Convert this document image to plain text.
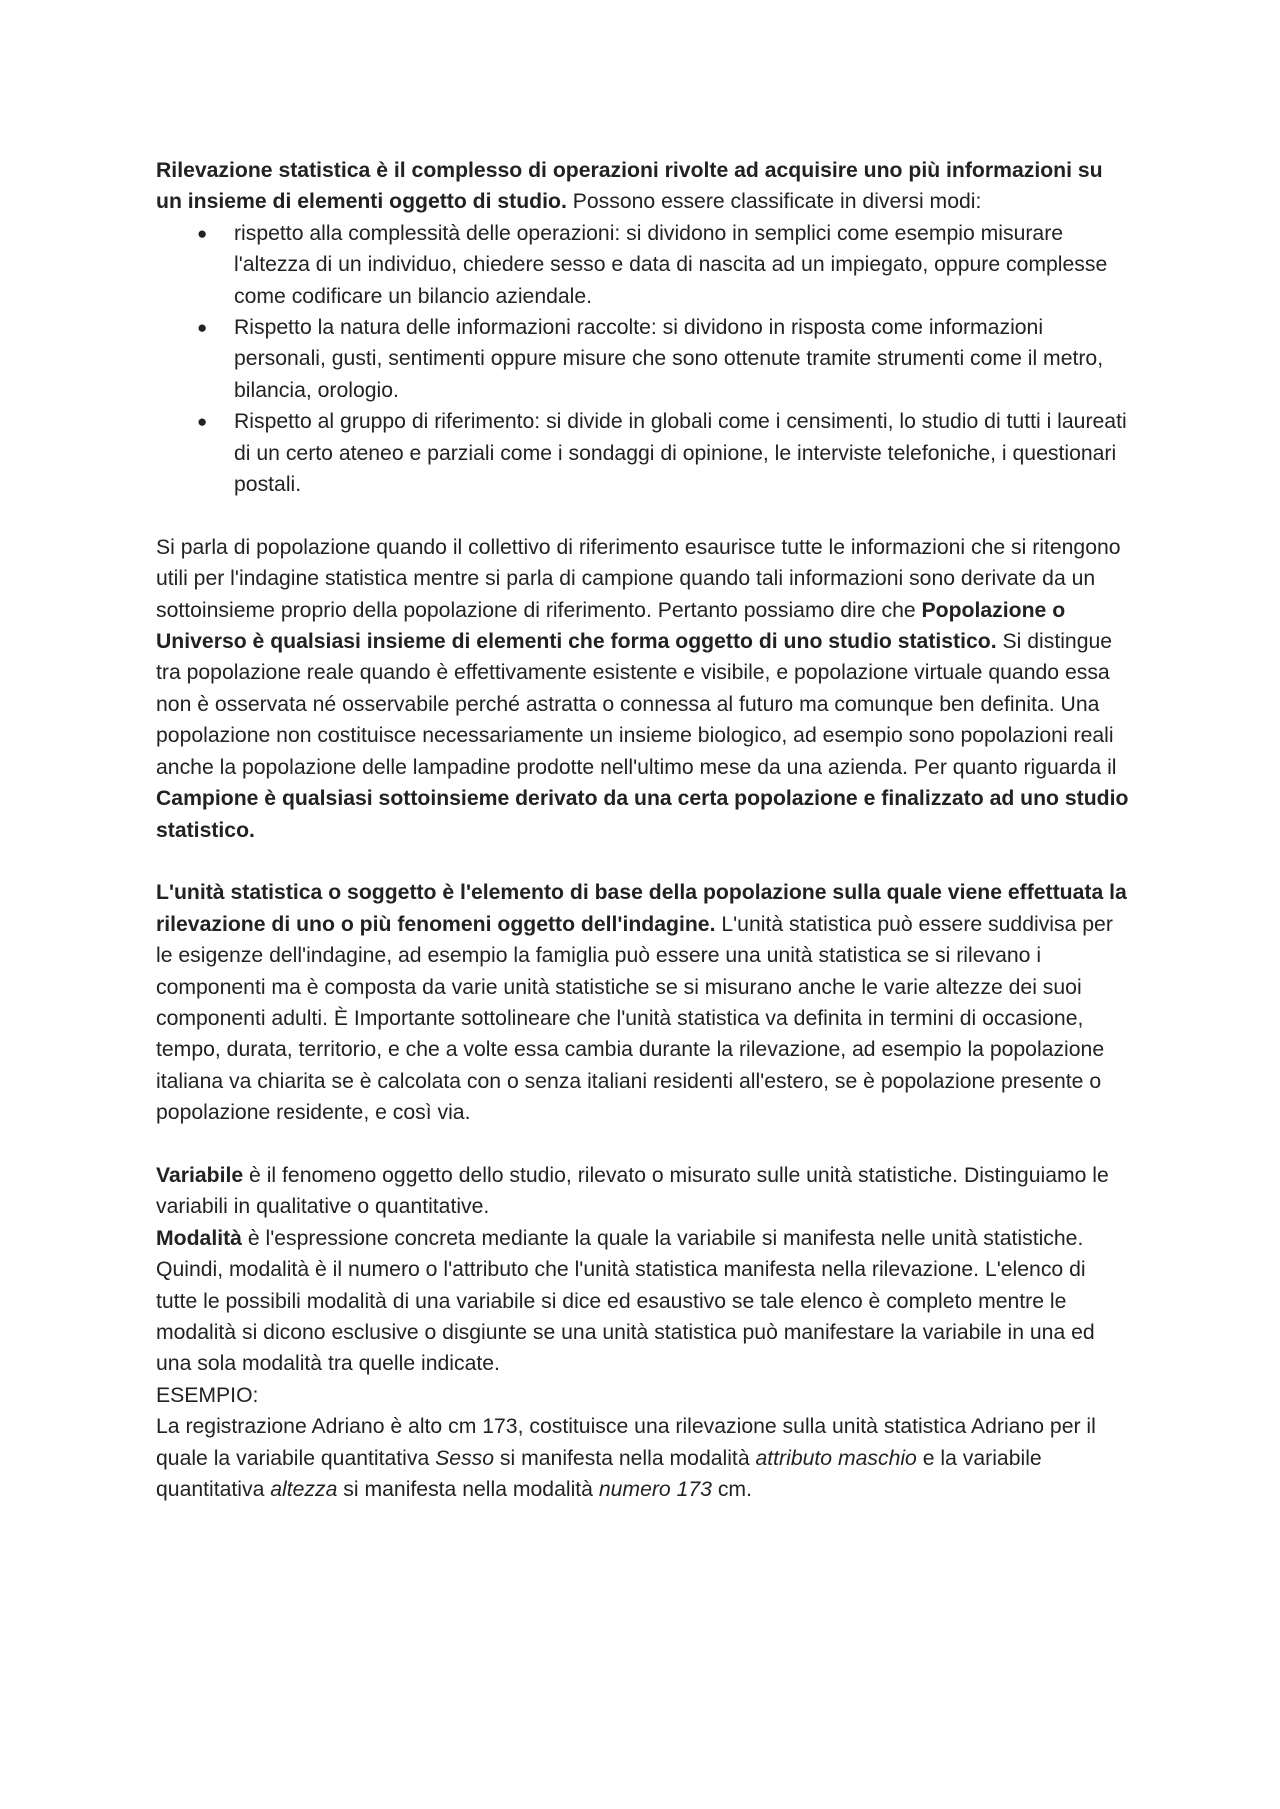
Rilevazione statistica è il complesso di operazioni rivolte ad acquisire uno più informazioni su un insieme di elementi oggetto di studio. Possono essere classificate in diversi modi:

● rispetto alla complessità delle operazioni: si dividono in semplici come esempio misurare l'altezza di un individuo, chiedere sesso e data di nascita ad un impiegato, oppure complesse come codificare un bilancio aziendale.
● Rispetto la natura delle informazioni raccolte: si dividono in risposta come informazioni personali, gusti, sentimenti oppure misure che sono ottenute tramite strumenti come il metro, bilancia, orologio.
● Rispetto al gruppo di riferimento: si divide in globali come i censimenti, lo studio di tutti i laureati di un certo ateneo e parziali come i sondaggi di opinione, le interviste telefoniche, i questionari postali.

Si parla di popolazione quando il collettivo di riferimento esaurisce tutte le informazioni che si ritengono utili per l'indagine statistica mentre si parla di campione quando tali informazioni sono derivate da un sottoinsieme proprio della popolazione di riferimento. Pertanto possiamo dire che Popolazione o Universo è qualsiasi insieme di elementi che forma oggetto di uno studio statistico. Si distingue tra popolazione reale quando è effettivamente esistente e visibile, e popolazione virtuale quando essa non è osservata né osservabile perché astratta o connessa al futuro ma comunque ben definita. Una popolazione non costituisce necessariamente un insieme biologico, ad esempio sono popolazioni reali anche la popolazione delle lampadine prodotte nell'ultimo mese da una azienda. Per quanto riguarda il Campione è qualsiasi sottoinsieme derivato da una certa popolazione e finalizzato ad uno studio statistico.

L'unità statistica o soggetto è l'elemento di base della popolazione sulla quale viene effettuata la rilevazione di uno o più fenomeni oggetto dell'indagine. L'unità statistica può essere suddivisa per le esigenze dell'indagine, ad esempio la famiglia può essere una unità statistica se si rilevano i componenti ma è composta da varie unità statistiche se si misurano anche le varie altezze dei suoi componenti adulti. È Importante sottolineare che l'unità statistica va definita in termini di occasione, tempo, durata, territorio, e che a volte essa cambia durante la rilevazione, ad esempio la popolazione italiana va chiarita se è calcolata con o senza italiani residenti all'estero, se è popolazione presente o popolazione residente, e così via.

Variabile è il fenomeno oggetto dello studio, rilevato o misurato sulle unità statistiche. Distinguiamo le variabili in qualitative o quantitative.

Modalità è l'espressione concreta mediante la quale la variabile si manifesta nelle unità statistiche. Quindi, modalità è il numero o l'attributo che l'unità statistica manifesta nella rilevazione. L'elenco di tutte le possibili modalità di una variabile si dice ed esaustivo se tale elenco è completo mentre le modalità si dicono esclusive o disgiunte se una unità statistica può manifestare la variabile in una ed una sola modalità tra quelle indicate.

ESEMPIO:

La registrazione Adriano è alto cm 173, costituisce una rilevazione sulla unità statistica Adriano per il quale la variabile quantitativa Sesso si manifesta nella modalità attributo maschio e la variabile quantitativa altezza si manifesta nella modalità numero 173 cm.
